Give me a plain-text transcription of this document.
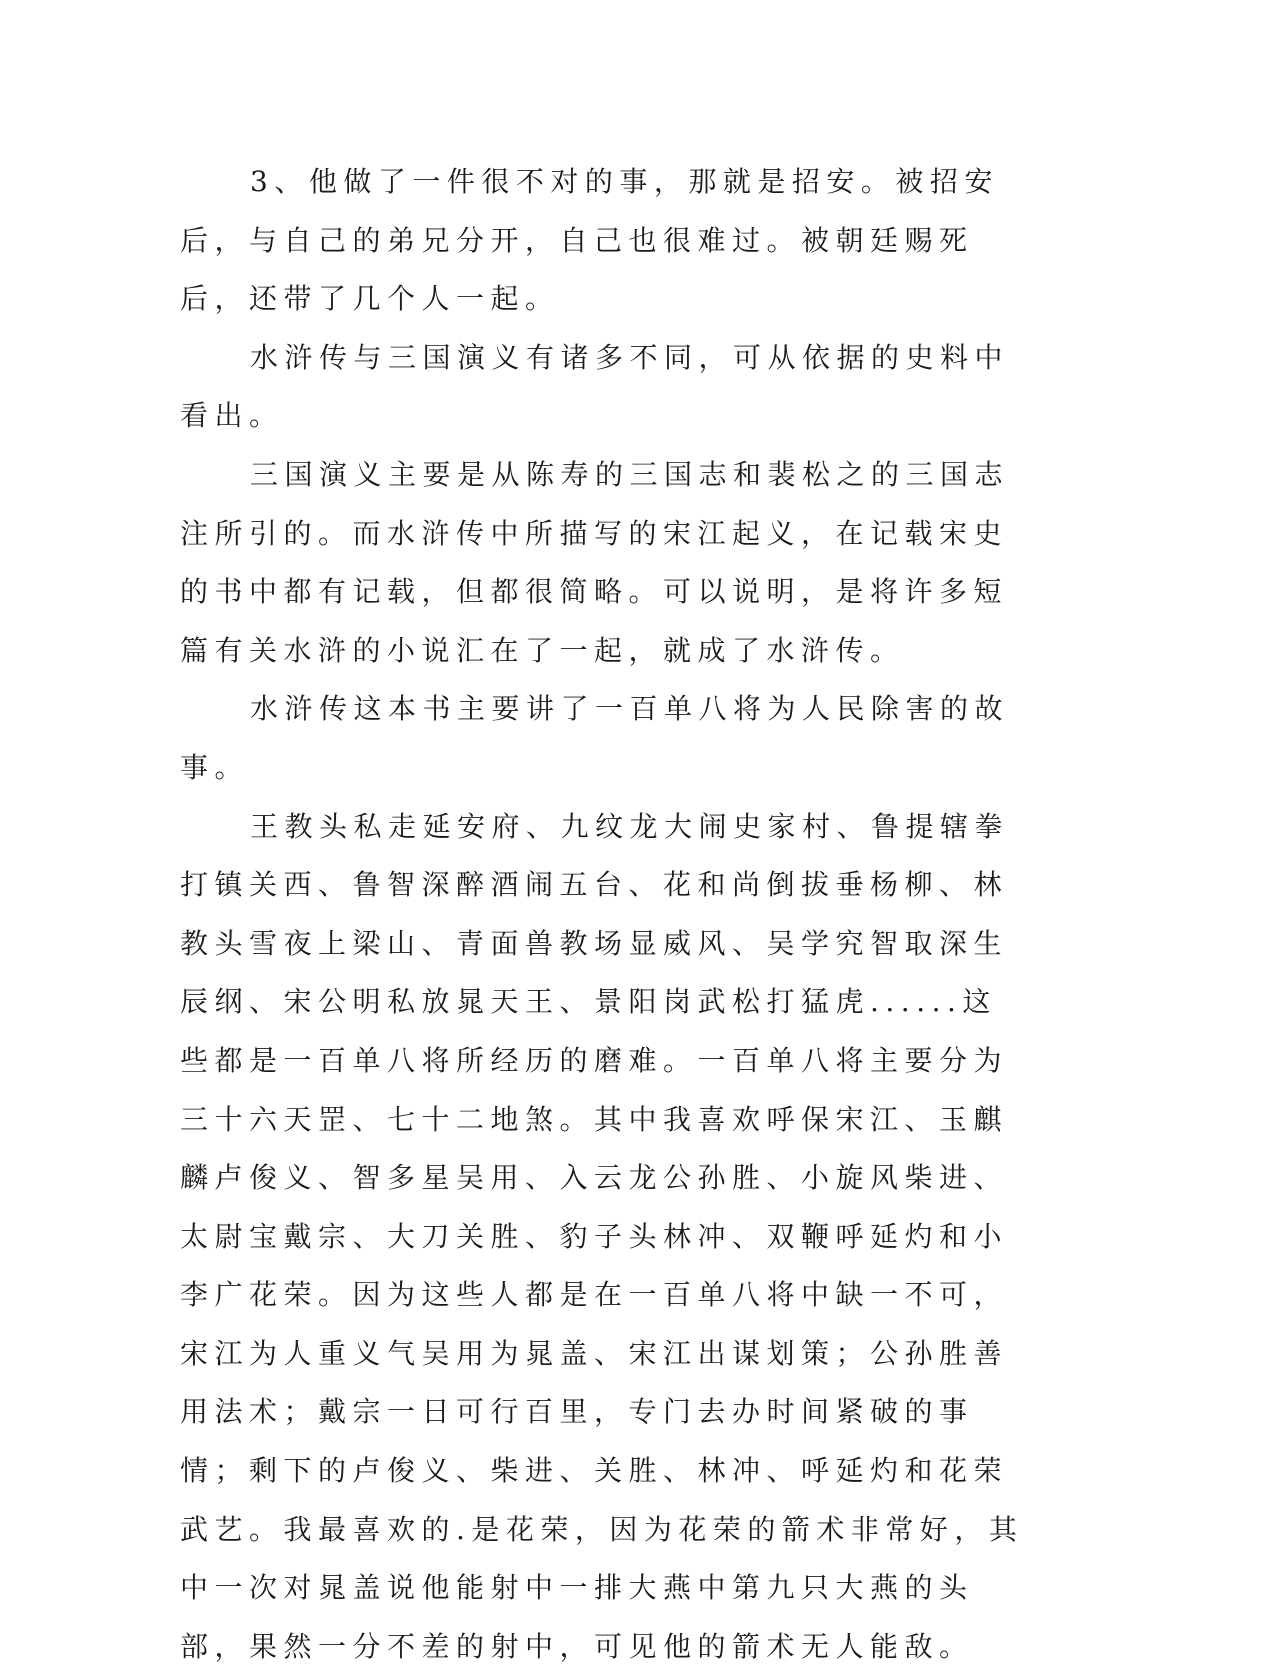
3、他做了一件很不对的事，那就是招安。被招安后，与自己的弟兄分开，自己也很难过。被朝廷赐死后，还带了几个人一起。

水浒传与三国演义有诸多不同，可从依据的史料中看出。

三国演义主要是从陈寿的三国志和裴松之的三国志注所引的。而水浒传中所描写的宋江起义，在记载宋史的书中都有记载，但都很简略。可以说明，是将许多短篇有关水浒的小说汇在了一起，就成了水浒传。

水浒传这本书主要讲了一百单八将为人民除害的故事。

王教头私走延安府、九纹龙大闹史家村、鲁提辖拳打镇关西、鲁智深醉酒闹五台、花和尚倒拔垂杨柳、林教头雪夜上梁山、青面兽教场显威风、吴学究智取深生辰纲、宋公明私放晁天王、景阳岗武松打猛虎......这些都是一百单八将所经历的磨难。一百单八将主要分为三十六天罡、七十二地煞。其中我喜欢呼保宋江、玉麒麟卢俊义、智多星吴用、入云龙公孙胜、小旋风柴进、太尉宝戴宗、大刀关胜、豹子头林冲、双鞭呼延灼和小李广花荣。因为这些人都是在一百单八将中缺一不可，宋江为人重义气吴用为晁盖、宋江出谋划策；公孙胜善用法术；戴宗一日可行百里，专门去办时间紧破的事情；剩下的卢俊义、柴进、关胜、林冲、呼延灼和花荣武艺。我最喜欢的.是花荣，因为花荣的箭术非常好，其中一次对晁盖说他能射中一排大燕中第九只大燕的头部，果然一分不差的射中，可见他的箭术无人能敌。
